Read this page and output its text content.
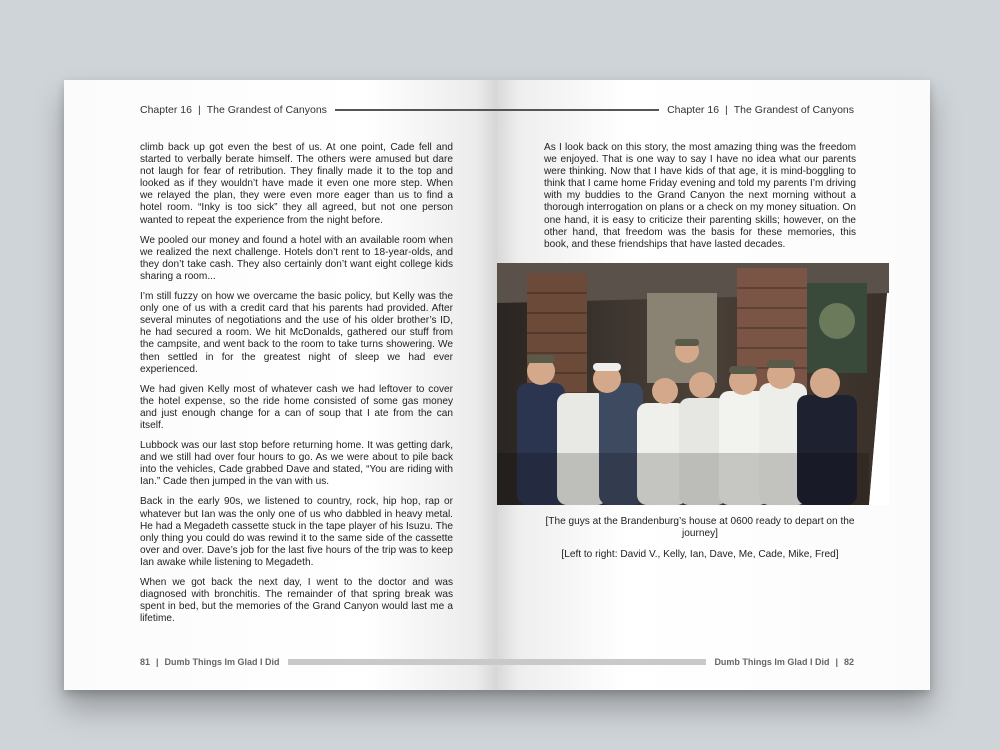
Chapter 16 | The Grandest of Canyons

climb back up got even the best of us. At one point, Cade fell and started to verbally berate himself. The others were amused but dare not laugh for fear of retribution. They finally made it to the top and looked as if they wouldn’t have made it even one more step. When we relayed the plan, they were even more eager than us to find a hotel room. “Inky is too sick” they all agreed, but not one person wanted to repeat the experience from the night before.

We pooled our money and found a hotel with an available room when we realized the next challenge. Hotels don’t rent to 18-year-olds, and they don’t take cash. They also certainly don’t want eight college kids sharing a room...

I’m still fuzzy on how we overcame the basic policy, but Kelly was the only one of us with a credit card that his parents had provided. After several minutes of negotiations and the use of his older brother’s ID, he had secured a room. We hit McDonalds, gathered our stuff from the campsite, and went back to the room to take turns showering. We then settled in for the greatest night of sleep we had ever experienced.

We had given Kelly most of whatever cash we had leftover to cover the hotel expense, so the ride home consisted of some gas money and just enough change for a can of soup that I ate from the can itself.

Lubbock was our last stop before returning home. It was getting dark, and we still had over four hours to go. As we were about to pile back into the vehicles, Cade grabbed Dave and stated, “You are riding with Ian.” Cade then jumped in the van with us.

Back in the early 90s, we listened to country, rock, hip hop, rap or whatever but Ian was the only one of us who dabbled in heavy metal. He had a Megadeth cassette stuck in the tape player of his Isuzu. The only thing you could do was rewind it to the same side of the cassette over and over. Dave’s job for the last five hours of the trip was to keep Ian awake while listening to Megadeth.

When we got back the next day, I went to the doctor and was diagnosed with bronchitis. The remainder of that spring break was spent in bed, but the memories of the Grand Canyon would last me a lifetime.

81 | Dumb Things Im Glad I Did
Chapter 16 | The Grandest of Canyons

As I look back on this story, the most amazing thing was the freedom we enjoyed. That is one way to say I have no idea what our parents were thinking. Now that I have kids of that age, it is mind-boggling to think that I came home Friday evening and told my parents I’m driving with my buddies to the Grand Canyon the next morning without a thorough interrogation on plans or a check on my money situation. On one hand, it is easy to criticize their parenting skills; however, on the other hand, that freedom was the basis for these memories, this book, and these friendships that have lasted decades.

[The guys at the Brandenburg’s house at 0600 ready to depart on the journey]
[Left to right: David V., Kelly, Ian, Dave, Me, Cade, Mike, Fred]
Dumb Things Im Glad I Did | 82
